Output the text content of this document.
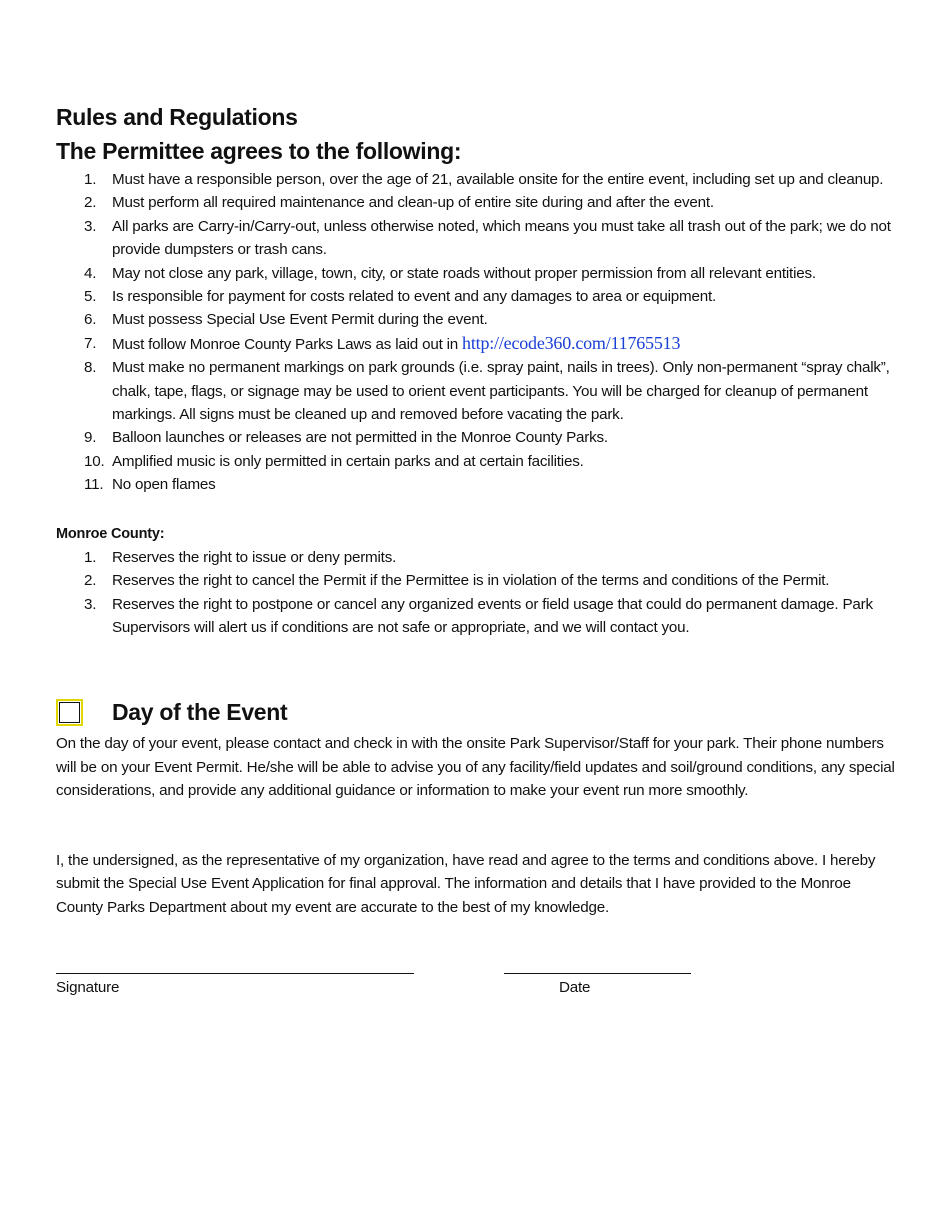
Rules and Regulations
The Permittee agrees to the following:
1. Must have a responsible person, over the age of 21, available onsite for the entire event, including set up and cleanup.
2. Must perform all required maintenance and clean-up of entire site during and after the event.
3. All parks are Carry-in/Carry-out, unless otherwise noted, which means you must take all trash out of the park; we do not provide dumpsters or trash cans.
4. May not close any park, village, town, city, or state roads without proper permission from all relevant entities.
5. Is responsible for payment for costs related to event and any damages to area or equipment.
6. Must possess Special Use Event Permit during the event.
7. Must follow Monroe County Parks Laws as laid out in http://ecode360.com/11765513
8. Must make no permanent markings on park grounds (i.e. spray paint, nails in trees). Only non-permanent “spray chalk”, chalk, tape, flags, or signage may be used to orient event participants. You will be charged for cleanup of permanent markings. All signs must be cleaned up and removed before vacating the park.
9. Balloon launches or releases are not permitted in the Monroe County Parks.
10. Amplified music is only permitted in certain parks and at certain facilities.
11. No open flames
Monroe County:
1. Reserves the right to issue or deny permits.
2. Reserves the right to cancel the Permit if the Permittee is in violation of the terms and conditions of the Permit.
3. Reserves the right to postpone or cancel any organized events or field usage that could do permanent damage. Park Supervisors will alert us if conditions are not safe or appropriate, and we will contact you.
Day of the Event

On the day of your event, please contact and check in with the onsite Park Supervisor/Staff for your park. Their phone numbers will be on your Event Permit. He/she will be able to advise you of any facility/field updates and soil/ground conditions, any special considerations, and provide any additional guidance or information to make your event run more smoothly.

I, the undersigned, as the representative of my organization, have read and agree to the terms and conditions above. I hereby submit the Special Use Event Application for final approval. The information and details that I have provided to the Monroe County Parks Department about my event are accurate to the best of my knowledge.

Signature	Date
